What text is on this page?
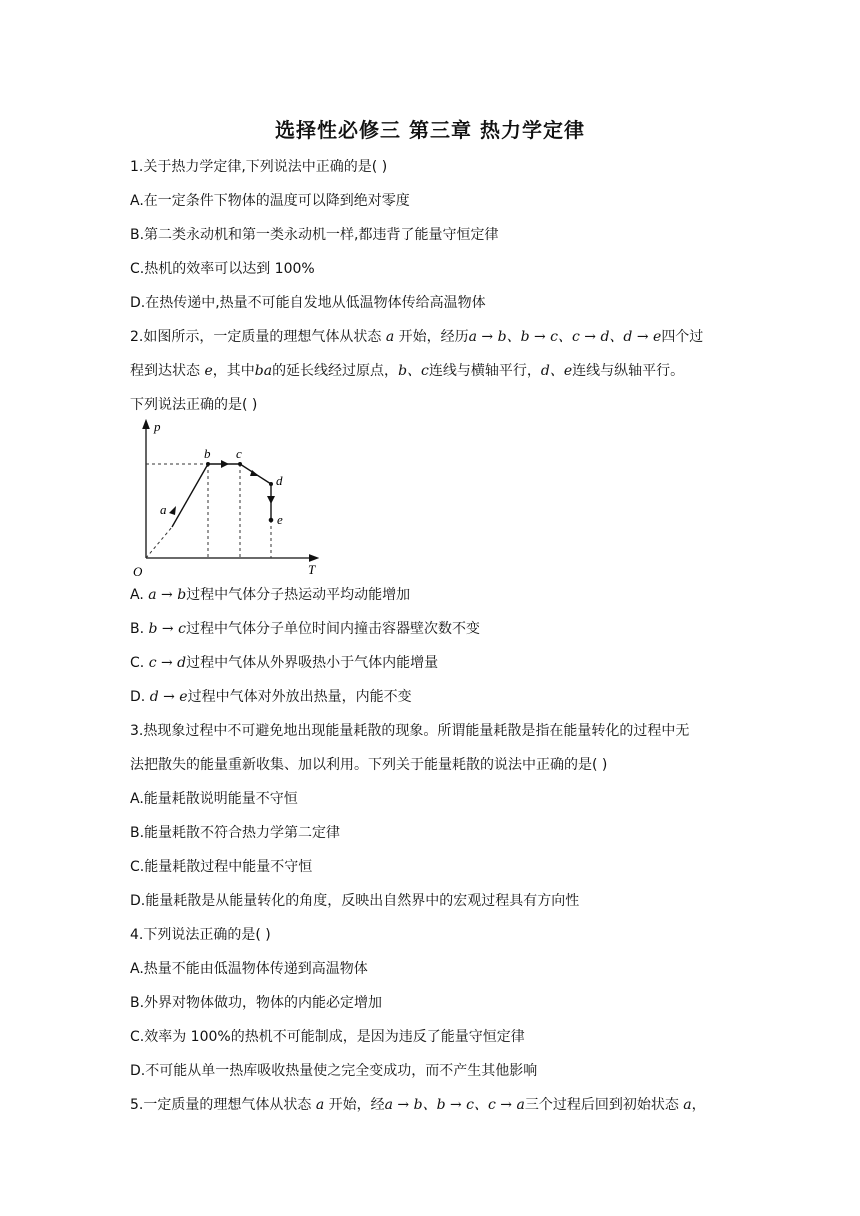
选择性必修三 第三章 热力学定律
1.关于热力学定律,下列说法中正确的是( )
A.在一定条件下物体的温度可以降到绝对零度
B.第二类永动机和第一类永动机一样,都违背了能量守恒定律
C.热机的效率可以达到 100%
D.在热传递中,热量不可能自发地从低温物体传给高温物体
2.如图所示，一定质量的理想气体从状态 a 开始，经历a → b、b → c、c → d、d → e四个过
程到达状态 e，其中ba的延长线经过原点，b、c连线与横轴平行，d、e连线与纵轴平行。
下列说法正确的是( )
p
T
O
a
b c
d
e
A. a → b过程中气体分子热运动平均动能增加
B. b → c过程中气体分子单位时间内撞击容器壁次数不变
C. c → d过程中气体从外界吸热小于气体内能增量
D. d → e过程中气体对外放出热量，内能不变
3.热现象过程中不可避免地出现能量耗散的现象。所谓能量耗散是指在能量转化的过程中无
法把散失的能量重新收集、加以利用。下列关于能量耗散的说法中正确的是( )
A.能量耗散说明能量不守恒
B.能量耗散不符合热力学第二定律
C.能量耗散过程中能量不守恒
D.能量耗散是从能量转化的角度，反映出自然界中的宏观过程具有方向性
4.下列说法正确的是( )
A.热量不能由低温物体传递到高温物体
B.外界对物体做功，物体的内能必定增加
C.效率为 100%的热机不可能制成，是因为违反了能量守恒定律
D.不可能从单一热库吸收热量使之完全变成功，而不产生其他影响
5.一定质量的理想气体从状态 a 开始，经a → b、b → c、c → a三个过程后回到初始状态 a，
